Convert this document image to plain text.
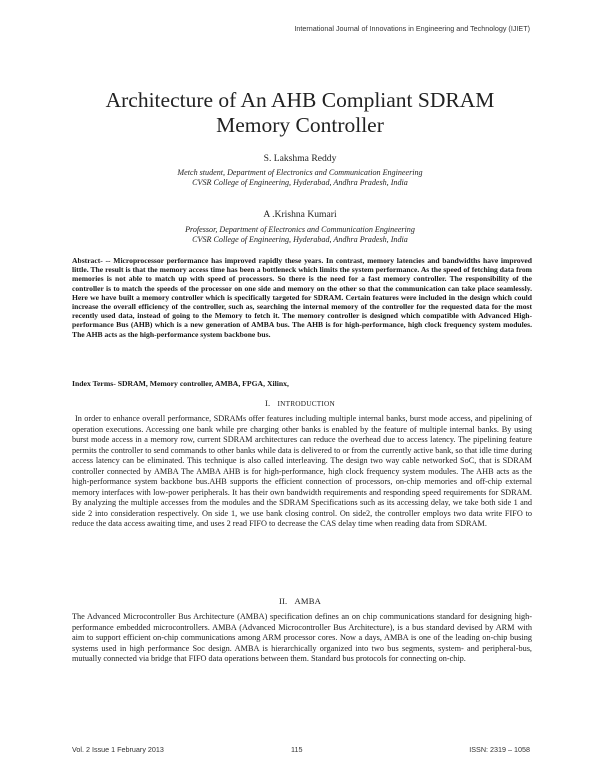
International Journal of Innovations in Engineering and Technology (IJIET)
Architecture of An AHB Compliant SDRAM
Memory Controller
S. Lakshma Reddy
Metch student, Department of Electronics and Communication Engineering
CVSR College of Engineering, Hyderabad, Andhra Pradesh, India
A .Krishna Kumari
Professor, Department of Electronics and Communication Engineering
CVSR College of Engineering, Hyderabad, Andhra Pradesh, India
Abstract- -- Microprocessor performance has improved rapidly these years. In contrast, memory latencies and bandwidths have improved little. The result is that the memory access time has been a bottleneck which limits the system performance. As the speed of fetching data from memories is not able to match up with speed of processors. So there is the need for a fast memory controller. The responsibility of the controller is to match the speeds of the processor on one side and memory on the other so that the communication can take place seamlessly. Here we have built a memory controller which is specifically targeted for SDRAM. Certain features were included in the design which could increase the overall efficiency of the controller, such as, searching the internal memory of the controller for the requested data for the most recently used data, instead of going to the Memory to fetch it. The memory controller is designed which compatible with Advanced High-performance Bus (AHB) which is a new generation of AMBA bus. The AHB is for high-performance, high clock frequency system modules. The AHB acts as the high-performance system backbone bus.
Index Terms- SDRAM, Memory controller, AMBA, FPGA, Xilinx,
I. INTRODUCTION
In order to enhance overall performance, SDRAMs offer features including multiple internal banks, burst mode access, and pipelining of operation executions. Accessing one bank while pre charging other banks is enabled by the feature of multiple internal banks. By using burst mode access in a memory row, current SDRAM architectures can reduce the overhead due to access latency. The pipelining feature permits the controller to send commands to other banks while data is delivered to or from the currently active bank, so that idle time during access latency can be eliminated. This technique is also called interleaving. The design two way cable networked SoC, that is SDRAM controller connected by AMBA The AMBA AHB is for high-performance, high clock frequency system modules. The AHB acts as the high-performance system backbone bus.AHB supports the efficient connection of processors, on-chip memories and off-chip external memory interfaces with low-power peripherals. It has their own bandwidth requirements and responding speed requirements for SDRAM. By analyzing the multiple accesses from the modules and the SDRAM Specifications such as its accessing delay, we take both side 1 and side 2 into consideration respectively. On side 1, we use bank closing control. On side2, the controller employs two data write FIFO to reduce the data access awaiting time, and uses 2 read FIFO to decrease the CAS delay time when reading data from SDRAM.
II. AMBA
The Advanced Microcontroller Bus Architecture (AMBA) specification defines an on chip communications standard for designing high-performance embedded microcontrollers. AMBA (Advanced Microcontroller Bus Architecture), is a bus standard devised by ARM with aim to support efficient on-chip communications among ARM processor cores. Now a days, AMBA is one of the leading on-chip busing systems used in high performance Soc design. AMBA is hierarchically organized into two bus segments, system- and peripheral-bus, mutually connected via bridge that FIFO data operations between them. Standard bus protocols for connecting on-chip.
Vol. 2 Issue 1 February 2013	115	ISSN: 2319 – 1058
